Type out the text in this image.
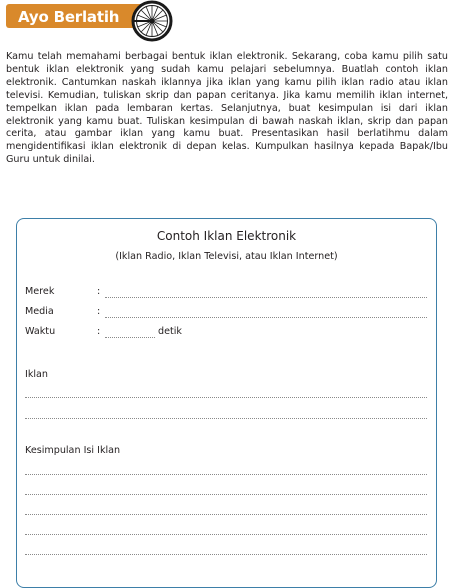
Ayo Berlatih

Kamu telah memahami berbagai bentuk iklan elektronik. Sekarang, coba kamu pilih satu bentuk iklan elektronik yang sudah kamu pelajari sebelumnya. Buatlah contoh iklan elektronik. Cantumkan naskah iklannya jika iklan yang kamu pilih iklan radio atau iklan televisi. Kemudian, tuliskan skrip dan papan ceritanya. Jika kamu memilih iklan internet, tempelkan iklan pada lembaran kertas. Selanjutnya, buat kesimpulan isi dari iklan elektronik yang kamu buat. Tuliskan kesimpulan di bawah naskah iklan, skrip dan papan cerita, atau gambar iklan yang kamu buat. Presentasikan hasil berlatihmu dalam mengidentifikasi iklan elektronik di depan kelas. Kumpulkan hasilnya kepada Bapak/Ibu Guru untuk dinilai.

Contoh Iklan Elektronik
(Iklan Radio, Iklan Televisi, atau Iklan Internet)
Merek	:
Media	:
Waktu	:	detik
Iklan
Kesimpulan Isi Iklan
